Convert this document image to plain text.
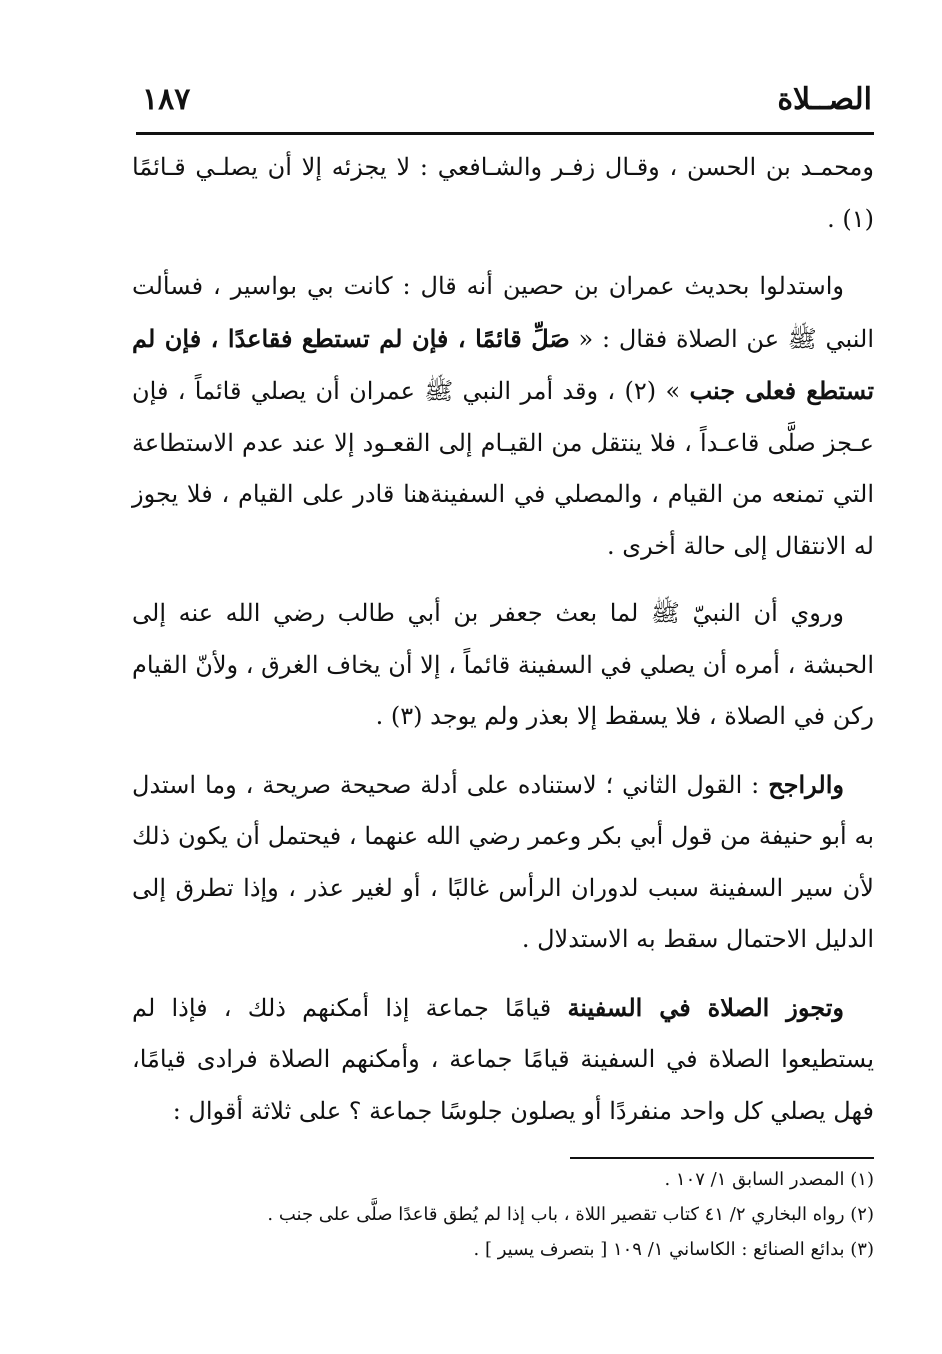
الصــلاة
١٨٧

ومحمـد بن الحسن ، وقـال زفـر والشـافعي : لا يجزئه إلا أن يصلـي قـائمًا (١) .

واستدلوا بحديث عمران بن حصين أنه قال : كانت بي بواسير ، فسألت النبي ﷺ عن الصلاة فقال : « صَلِّ قائمًا ، فإن لم تستطع فقاعدًا ، فإن لم تستطع فعلى جنب » (٢) ، وقد أمر النبي ﷺ عمران أن يصلي قائماً ، فإن عـجز صلَّى قاعـداً ، فلا ينتقل من القيـام إلى القعـود إلا عند عدم الاستطاعة التي تمنعه من القيام ، والمصلي في السفينةهنا قادر على القيام ، فلا يجوز له الانتقال إلى حالة أخرى .

وروي أن النبيّ ﷺ لما بعث جعفر بن أبي طالب رضي الله عنه إلى الحبشة ، أمره أن يصلي في السفينة قائماً ، إلا أن يخاف الغرق ، ولأنّ القيام ركن في الصلاة ، فلا يسقط إلا بعذر ولم يوجد (٣) .

والراجح : القول الثاني ؛ لاستناده على أدلة صحيحة صريحة ، وما استدل به أبو حنيفة من قول أبي بكر وعمر رضي الله عنهما ، فيحتمل أن يكون ذلك لأن سير السفينة سبب لدوران الرأس غالبًا ، أو لغير عذر ، وإذا تطرق إلى الدليل الاحتمال سقط به الاستدلال .

وتجوز الصلاة في السفينة قيامًا جماعة إذا أمكنهم ذلك ، فإذا لم يستطيعوا الصلاة في السفينة قيامًا جماعة ، وأمكنهم الصلاة فرادى قيامًا، فهل يصلي كل واحد منفردًا أو يصلون جلوسًا جماعة ؟ على ثلاثة أقوال :

(١) المصدر السابق ١/ ١٠٧ .

(٢) رواه البخاري ٢/ ٤١ كتاب تقصير اللاة ، باب إذا لم يُطق قاعدًا صلَّى على جنب .

(٣) بدائع الصنائع : الكاساني ١/ ١٠٩ [ بتصرف يسير ] .
